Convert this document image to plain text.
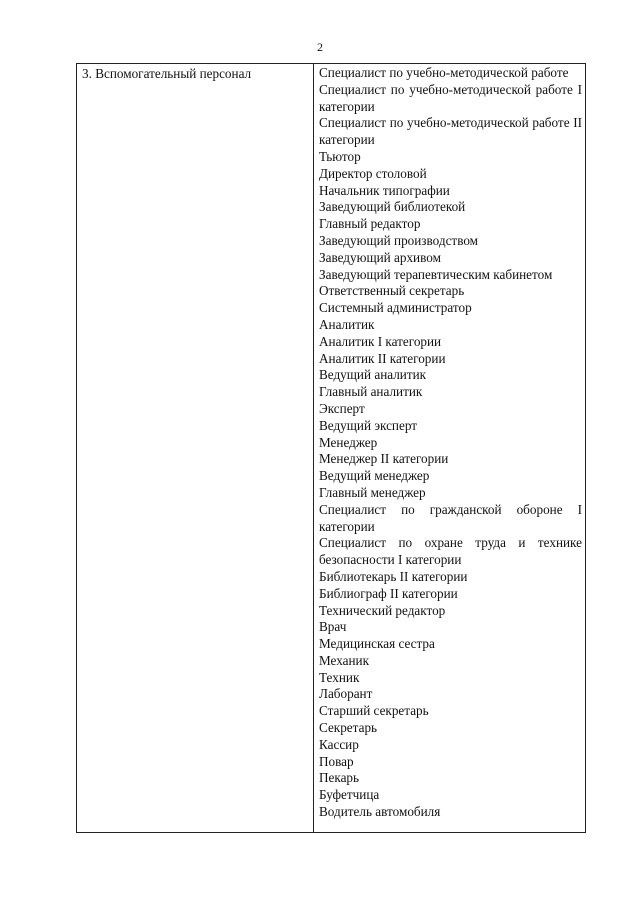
2
3. Вспомогательный персонал	Специалист по учебно-методической работе
Специалист по учебно-методической работе I категории
Специалист по учебно-методической работе II категории
Тьютор
Директор столовой
Начальник типографии
Заведующий библиотекой
Главный редактор
Заведующий производством
Заведующий архивом
Заведующий терапевтическим кабинетом
Ответственный секретарь
Системный администратор
Аналитик
Аналитик I категории
Аналитик II категории
Ведущий аналитик
Главный аналитик
Эксперт
Ведущий эксперт
Менеджер
Менеджер II категории
Ведущий менеджер
Главный менеджер
Специалист по гражданской обороне I категории
Специалист по охране труда и технике безопасности I категории
Библиотекарь II категории
Библиограф II категории
Технический редактор
Врач
Медицинская сестра
Механик
Техник
Лаборант
Старший секретарь
Секретарь
Кассир
Повар
Пекарь
Буфетчица
Водитель автомобиля
